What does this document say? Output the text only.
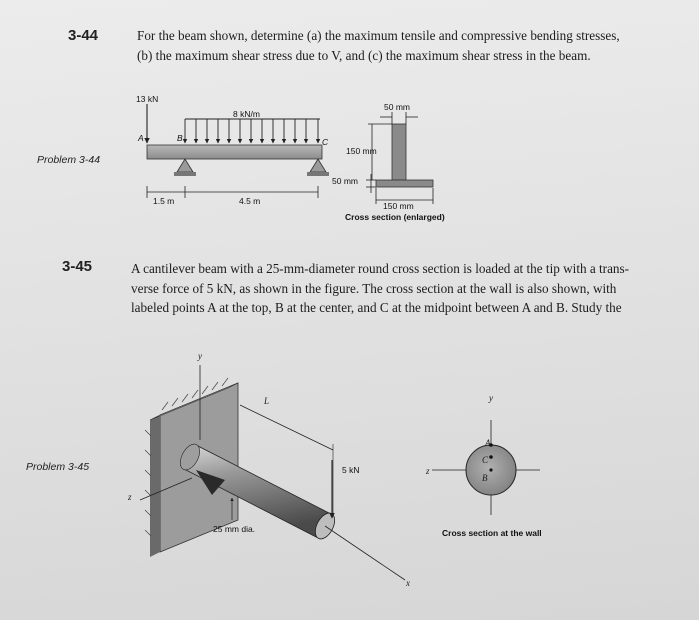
3-44	For the beam shown, determine (a) the maximum tensile and compressive bending stresses,
(b) the maximum shear stress due to V, and (c) the maximum shear stress in the beam.
Problem 3-44
13 kN
8 kN/m
A	B	C
1.5 m	4.5 m
50 mm
150 mm
50 mm
150 mm
Cross section (enlarged)
3-45	A cantilever beam with a 25-mm-diameter round cross section is loaded at the tip with a trans-
verse force of 5 kN, as shown in the figure. The cross section at the wall is also shown, with
labeled points A at the top, B at the center, and C at the midpoint between A and B. Study the
Problem 3-45
y
z
x
L
5 kN
25 mm dia.
y
z
A
C
B
Cross section at the wall
